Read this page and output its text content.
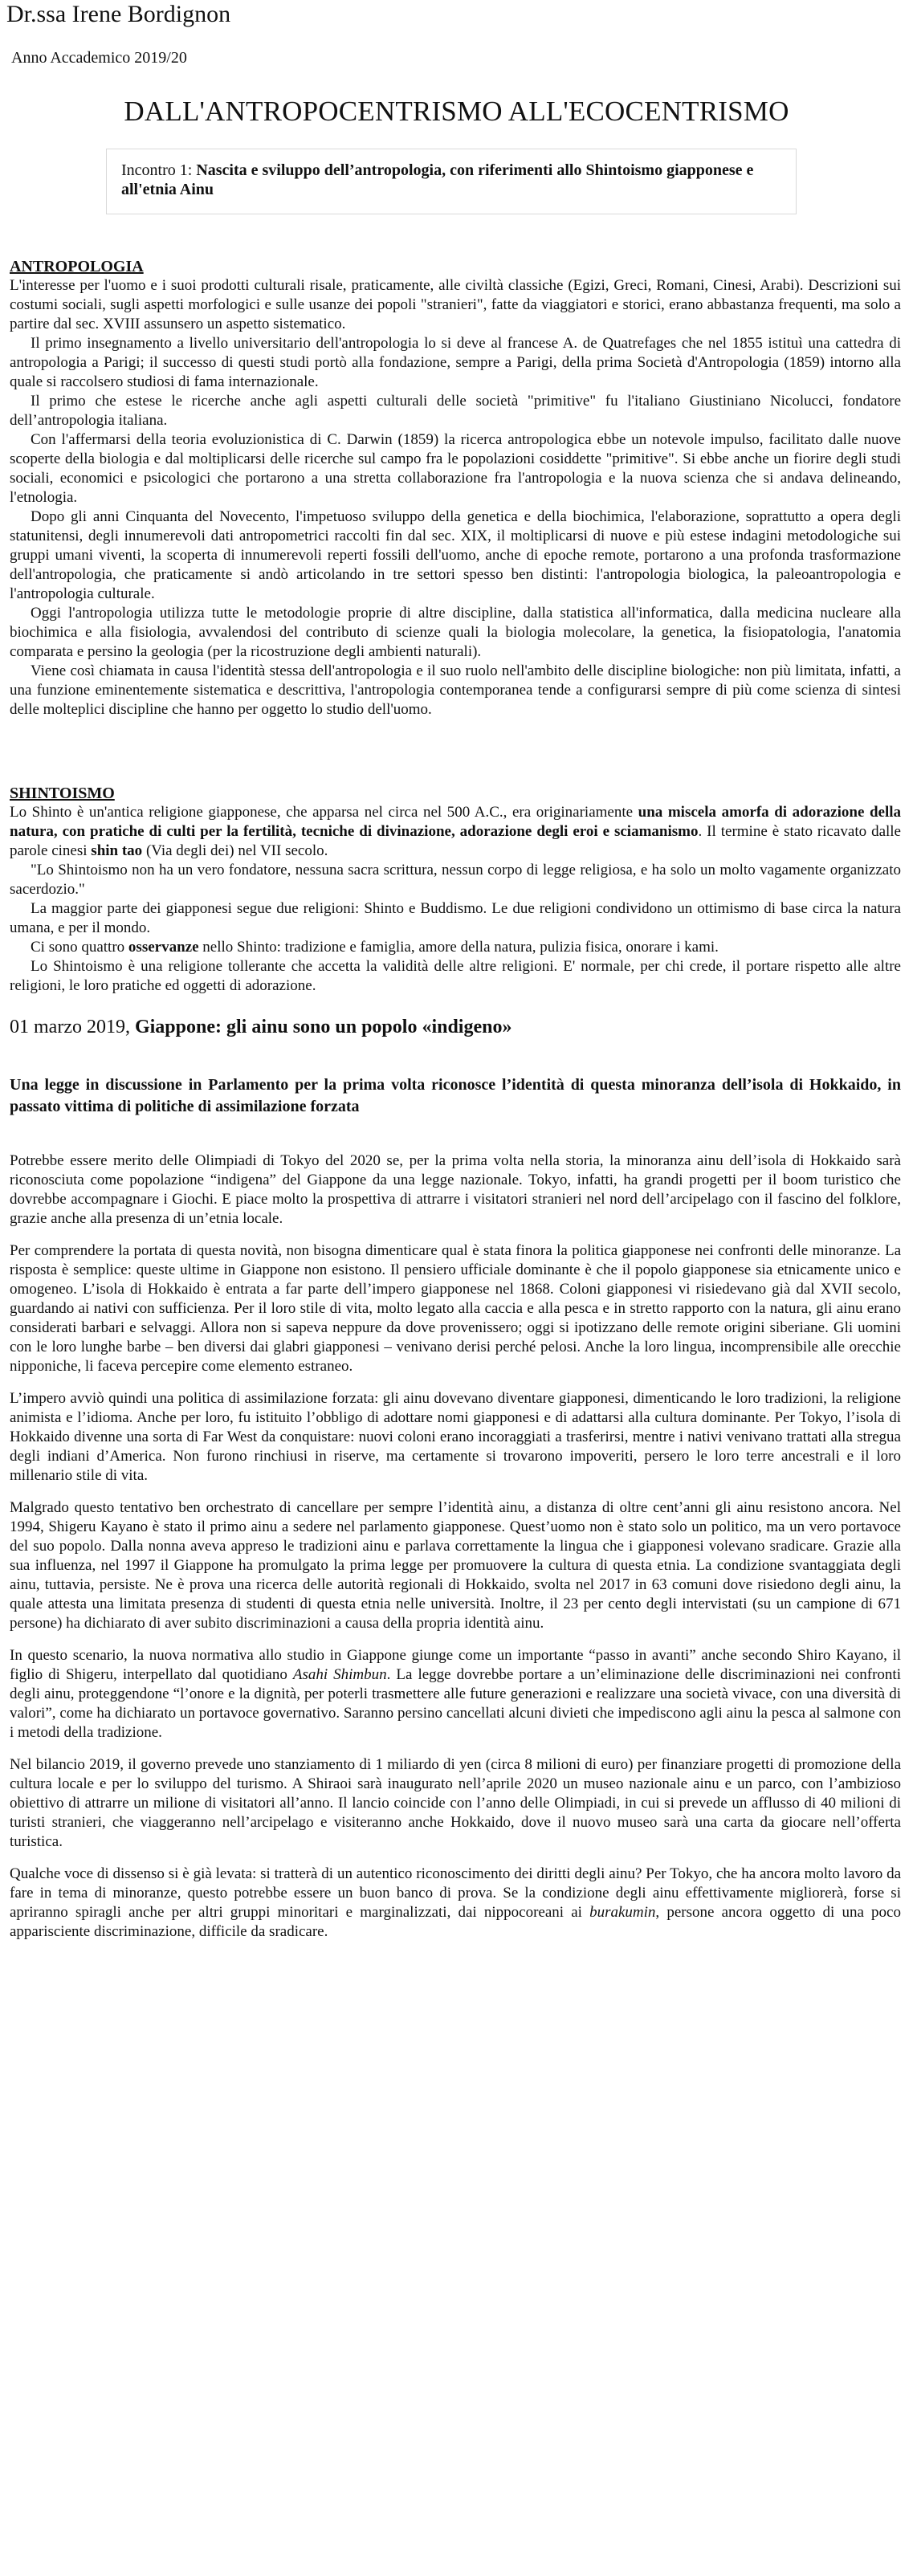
Dr.ssa Irene Bordignon
Anno Accademico 2019/20
DALL'ANTROPOCENTRISMO ALL'ECOCENTRISMO
Incontro 1: Nascita e sviluppo dell’antropologia, con riferimenti allo Shintoismo giapponese e all'etnia Ainu

ANTROPOLOGIA

L'interesse per l'uomo e i suoi prodotti culturali risale, praticamente, alle civiltà classiche (Egizi, Greci, Romani, Cinesi, Arabi). Descrizioni sui costumi sociali, sugli aspetti morfologici e sulle usanze dei popoli "stranieri", fatte da viaggiatori e storici, erano abbastanza frequenti, ma solo a partire dal sec. XVIII assunsero un aspetto sistematico.

Il primo insegnamento a livello universitario dell'antropologia lo si deve al francese A. de Quatrefages che nel 1855 istituì una cattedra di antropologia a Parigi; il successo di questi studi portò alla fondazione, sempre a Parigi, della prima Società d'Antropologia (1859) intorno alla quale si raccolsero studiosi di fama internazionale.

Il primo che estese le ricerche anche agli aspetti culturali delle società "primitive" fu l'italiano Giustiniano Nicolucci, fondatore dell’antropologia italiana.

Con l'affermarsi della teoria evoluzionistica di C. Darwin (1859) la ricerca antropologica ebbe un notevole impulso, facilitato dalle nuove scoperte della biologia e dal moltiplicarsi delle ricerche sul campo fra le popolazioni cosiddette "primitive". Si ebbe anche un fiorire degli studi sociali, economici e psicologici che portarono a una stretta collaborazione fra l'antropologia e la nuova scienza che si andava delineando, l'etnologia.

Dopo gli anni Cinquanta del Novecento, l'impetuoso sviluppo della genetica e della biochimica, l'elaborazione, soprattutto a opera degli statunitensi, degli innumerevoli dati antropometrici raccolti fin dal sec. XIX, il moltiplicarsi di nuove e più estese indagini metodologiche sui gruppi umani viventi, la scoperta di innumerevoli reperti fossili dell'uomo, anche di epoche remote, portarono a una profonda trasformazione dell'antropologia, che praticamente si andò articolando in tre settori spesso ben distinti: l'antropologia biologica, la paleoantropologia e l'antropologia culturale.

Oggi l'antropologia utilizza tutte le metodologie proprie di altre discipline, dalla statistica all'informatica, dalla medicina nucleare alla biochimica e alla fisiologia, avvalendosi del contributo di scienze quali la biologia molecolare, la genetica, la fisiopatologia, l'anatomia comparata e persino la geologia (per la ricostruzione degli ambienti naturali).

Viene così chiamata in causa l'identità stessa dell'antropologia e il suo ruolo nell'ambito delle discipline biologiche: non più limitata, infatti, a una funzione eminentemente sistematica e descrittiva, l'antropologia contemporanea tende a configurarsi sempre di più come scienza di sintesi delle molteplici discipline che hanno per oggetto lo studio dell'uomo.

SHINTOISMO

Lo Shinto è un'antica religione giapponese, che apparsa nel circa nel 500 A.C., era originariamente una miscela amorfa di adorazione della natura, con pratiche di culti per la fertilità, tecniche di divinazione, adorazione degli eroi e sciamanismo. Il termine è stato ricavato dalle parole cinesi shin tao (Via degli dei) nel VII secolo.

"Lo Shintoismo non ha un vero fondatore, nessuna sacra scrittura, nessun corpo di legge religiosa, e ha solo un molto vagamente organizzato sacerdozio."

La maggior parte dei giapponesi segue due religioni: Shinto e Buddismo. Le due religioni condividono un ottimismo di base circa la natura umana, e per il mondo.

Ci sono quattro osservanze nello Shinto: tradizione e famiglia, amore della natura, pulizia fisica, onorare i kami.

Lo Shintoismo è una religione tollerante che accetta la validità delle altre religioni. E' normale, per chi crede, il portare rispetto alle altre religioni, le loro pratiche ed oggetti di adorazione.

01 marzo 2019, Giappone: gli ainu sono un popolo «indigeno»

Una legge in discussione in Parlamento per la prima volta riconosce l’identità di questa minoranza dell’isola di Hokkaido, in passato vittima di politiche di assimilazione forzata

Potrebbe essere merito delle Olimpiadi di Tokyo del 2020 se, per la prima volta nella storia, la minoranza ainu dell’isola di Hokkaido sarà riconosciuta come popolazione “indigena” del Giappone da una legge nazionale. Tokyo, infatti, ha grandi progetti per il boom turistico che dovrebbe accompagnare i Giochi. E piace molto la prospettiva di attrarre i visitatori stranieri nel nord dell’arcipelago con il fascino del folklore, grazie anche alla presenza di un’etnia locale.

Per comprendere la portata di questa novità, non bisogna dimenticare qual è stata finora la politica giapponese nei confronti delle minoranze. La risposta è semplice: queste ultime in Giappone non esistono. Il pensiero ufficiale dominante è che il popolo giapponese sia etnicamente unico e omogeneo. L’isola di Hokkaido è entrata a far parte dell’impero giapponese nel 1868. Coloni giapponesi vi risiedevano già dal XVII secolo, guardando ai nativi con sufficienza. Per il loro stile di vita, molto legato alla caccia e alla pesca e in stretto rapporto con la natura, gli ainu erano considerati barbari e selvaggi. Allora non si sapeva neppure da dove provenissero; oggi si ipotizzano delle remote origini siberiane. Gli uomini con le loro lunghe barbe – ben diversi dai glabri giapponesi – venivano derisi perché pelosi. Anche la loro lingua, incomprensibile alle orecchie nipponiche, li faceva percepire come elemento estraneo.

L’impero avviò quindi una politica di assimilazione forzata: gli ainu dovevano diventare giapponesi, dimenticando le loro tradizioni, la religione animista e l’idioma. Anche per loro, fu istituito l’obbligo di adottare nomi giapponesi e di adattarsi alla cultura dominante. Per Tokyo, l’isola di Hokkaido divenne una sorta di Far West da conquistare: nuovi coloni erano incoraggiati a trasferirsi, mentre i nativi venivano trattati alla stregua degli indiani d’America. Non furono rinchiusi in riserve, ma certamente si trovarono impoveriti, persero le loro terre ancestrali e il loro millenario stile di vita.

Malgrado questo tentativo ben orchestrato di cancellare per sempre l’identità ainu, a distanza di oltre cent’anni gli ainu resistono ancora. Nel 1994, Shigeru Kayano è stato il primo ainu a sedere nel parlamento giapponese. Quest’uomo non è stato solo un politico, ma un vero portavoce del suo popolo. Dalla nonna aveva appreso le tradizioni ainu e parlava correttamente la lingua che i giapponesi volevano sradicare. Grazie alla sua influenza, nel 1997 il Giappone ha promulgato la prima legge per promuovere la cultura di questa etnia. La condizione svantaggiata degli ainu, tuttavia, persiste. Ne è prova una ricerca delle autorità regionali di Hokkaido, svolta nel 2017 in 63 comuni dove risiedono degli ainu, la quale attesta una limitata presenza di studenti di questa etnia nelle università. Inoltre, il 23 per cento degli intervistati (su un campione di 671 persone) ha dichiarato di aver subito discriminazioni a causa della propria identità ainu.

In questo scenario, la nuova normativa allo studio in Giappone giunge come un importante “passo in avanti” anche secondo Shiro Kayano, il figlio di Shigeru, interpellato dal quotidiano Asahi Shimbun. La legge dovrebbe portare a un’eliminazione delle discriminazioni nei confronti degli ainu, proteggendone “l’onore e la dignità, per poterli trasmettere alle future generazioni e realizzare una società vivace, con una diversità di valori”, come ha dichiarato un portavoce governativo. Saranno persino cancellati alcuni divieti che impediscono agli ainu la pesca al salmone con i metodi della tradizione.

Nel bilancio 2019, il governo prevede uno stanziamento di 1 miliardo di yen (circa 8 milioni di euro) per finanziare progetti di promozione della cultura locale e per lo sviluppo del turismo. A Shiraoi sarà inaugurato nell’aprile 2020 un museo nazionale ainu e un parco, con l’ambizioso obiettivo di attrarre un milione di visitatori all’anno. Il lancio coincide con l’anno delle Olimpiadi, in cui si prevede un afflusso di 40 milioni di turisti stranieri, che viaggeranno nell’arcipelago e visiteranno anche Hokkaido, dove il nuovo museo sarà una carta da giocare nell’offerta turistica.

Qualche voce di dissenso si è già levata: si tratterà di un autentico riconoscimento dei diritti degli ainu? Per Tokyo, che ha ancora molto lavoro da fare in tema di minoranze, questo potrebbe essere un buon banco di prova. Se la condizione degli ainu effettivamente migliorerà, forse si apriranno spiragli anche per altri gruppi minoritari e marginalizzati, dai nippocoreani ai burakumin, persone ancora oggetto di una poco apparisciente discriminazione, difficile da sradicare.
